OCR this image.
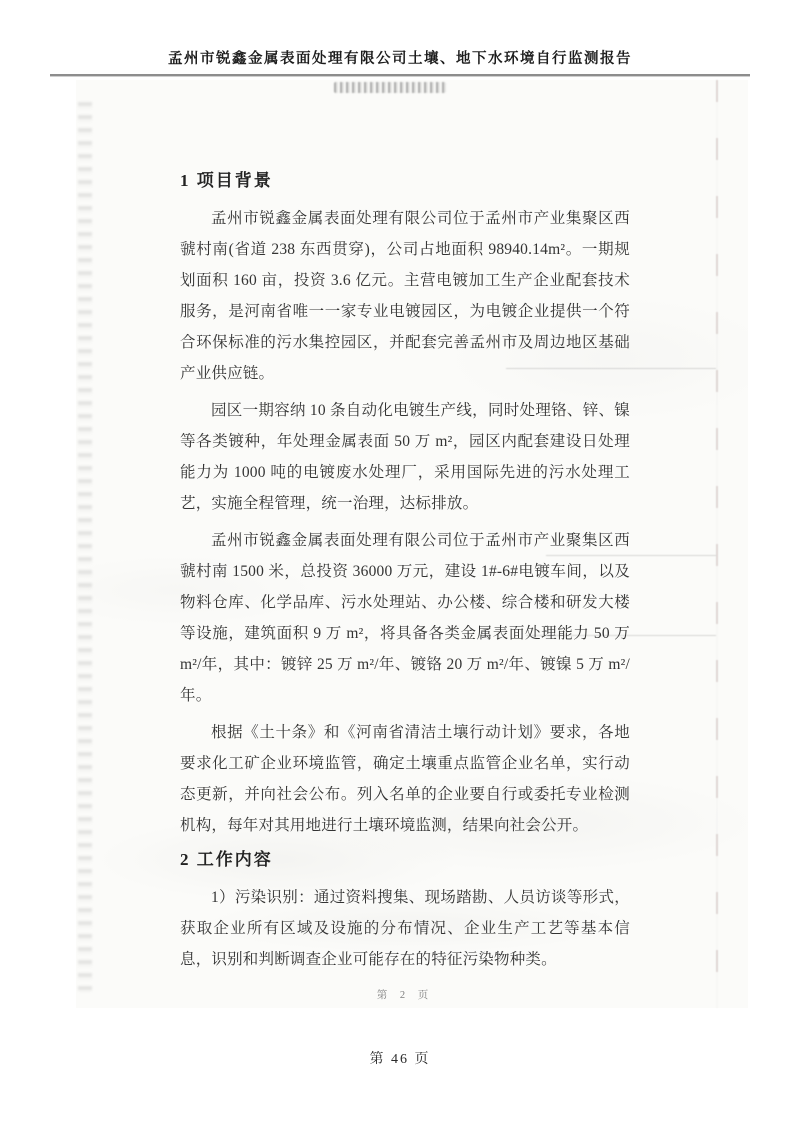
孟州市锐鑫金属表面处理有限公司土壤、地下水环境自行监测报告
1 项目背景

孟州市锐鑫金属表面处理有限公司位于孟州市产业集聚区西虢村南(省道 238 东西贯穿)，公司占地面积 98940.14m²。一期规划面积 160 亩，投资 3.6 亿元。主营电镀加工生产企业配套技术服务，是河南省唯一一家专业电镀园区，为电镀企业提供一个符合环保标准的污水集控园区，并配套完善孟州市及周边地区基础产业供应链。

园区一期容纳 10 条自动化电镀生产线，同时处理铬、锌、镍等各类镀种，年处理金属表面 50 万 m²，园区内配套建设日处理能力为 1000 吨的电镀废水处理厂，采用国际先进的污水处理工艺，实施全程管理，统一治理，达标排放。

孟州市锐鑫金属表面处理有限公司位于孟州市产业聚集区西虢村南 1500 米，总投资 36000 万元，建设 1#-6#电镀车间，以及物料仓库、化学品库、污水处理站、办公楼、综合楼和研发大楼等设施，建筑面积 9 万 m²，将具备各类金属表面处理能力 50 万 m²/年，其中：镀锌 25 万 m²/年、镀铬 20 万 m²/年、镀镍 5 万 m²/年。

根据《土十条》和《河南省清洁土壤行动计划》要求，各地要求化工矿企业环境监管，确定土壤重点监管企业名单，实行动态更新，并向社会公布。列入名单的企业要自行或委托专业检测机构，每年对其用地进行土壤环境监测，结果向社会公开。

2 工作内容

1）污染识别：通过资料搜集、现场踏勘、人员访谈等形式，获取企业所有区域及设施的分布情况、企业生产工艺等基本信息，识别和判断调查企业可能存在的特征污染物种类。

第 2 页
第 46 页
